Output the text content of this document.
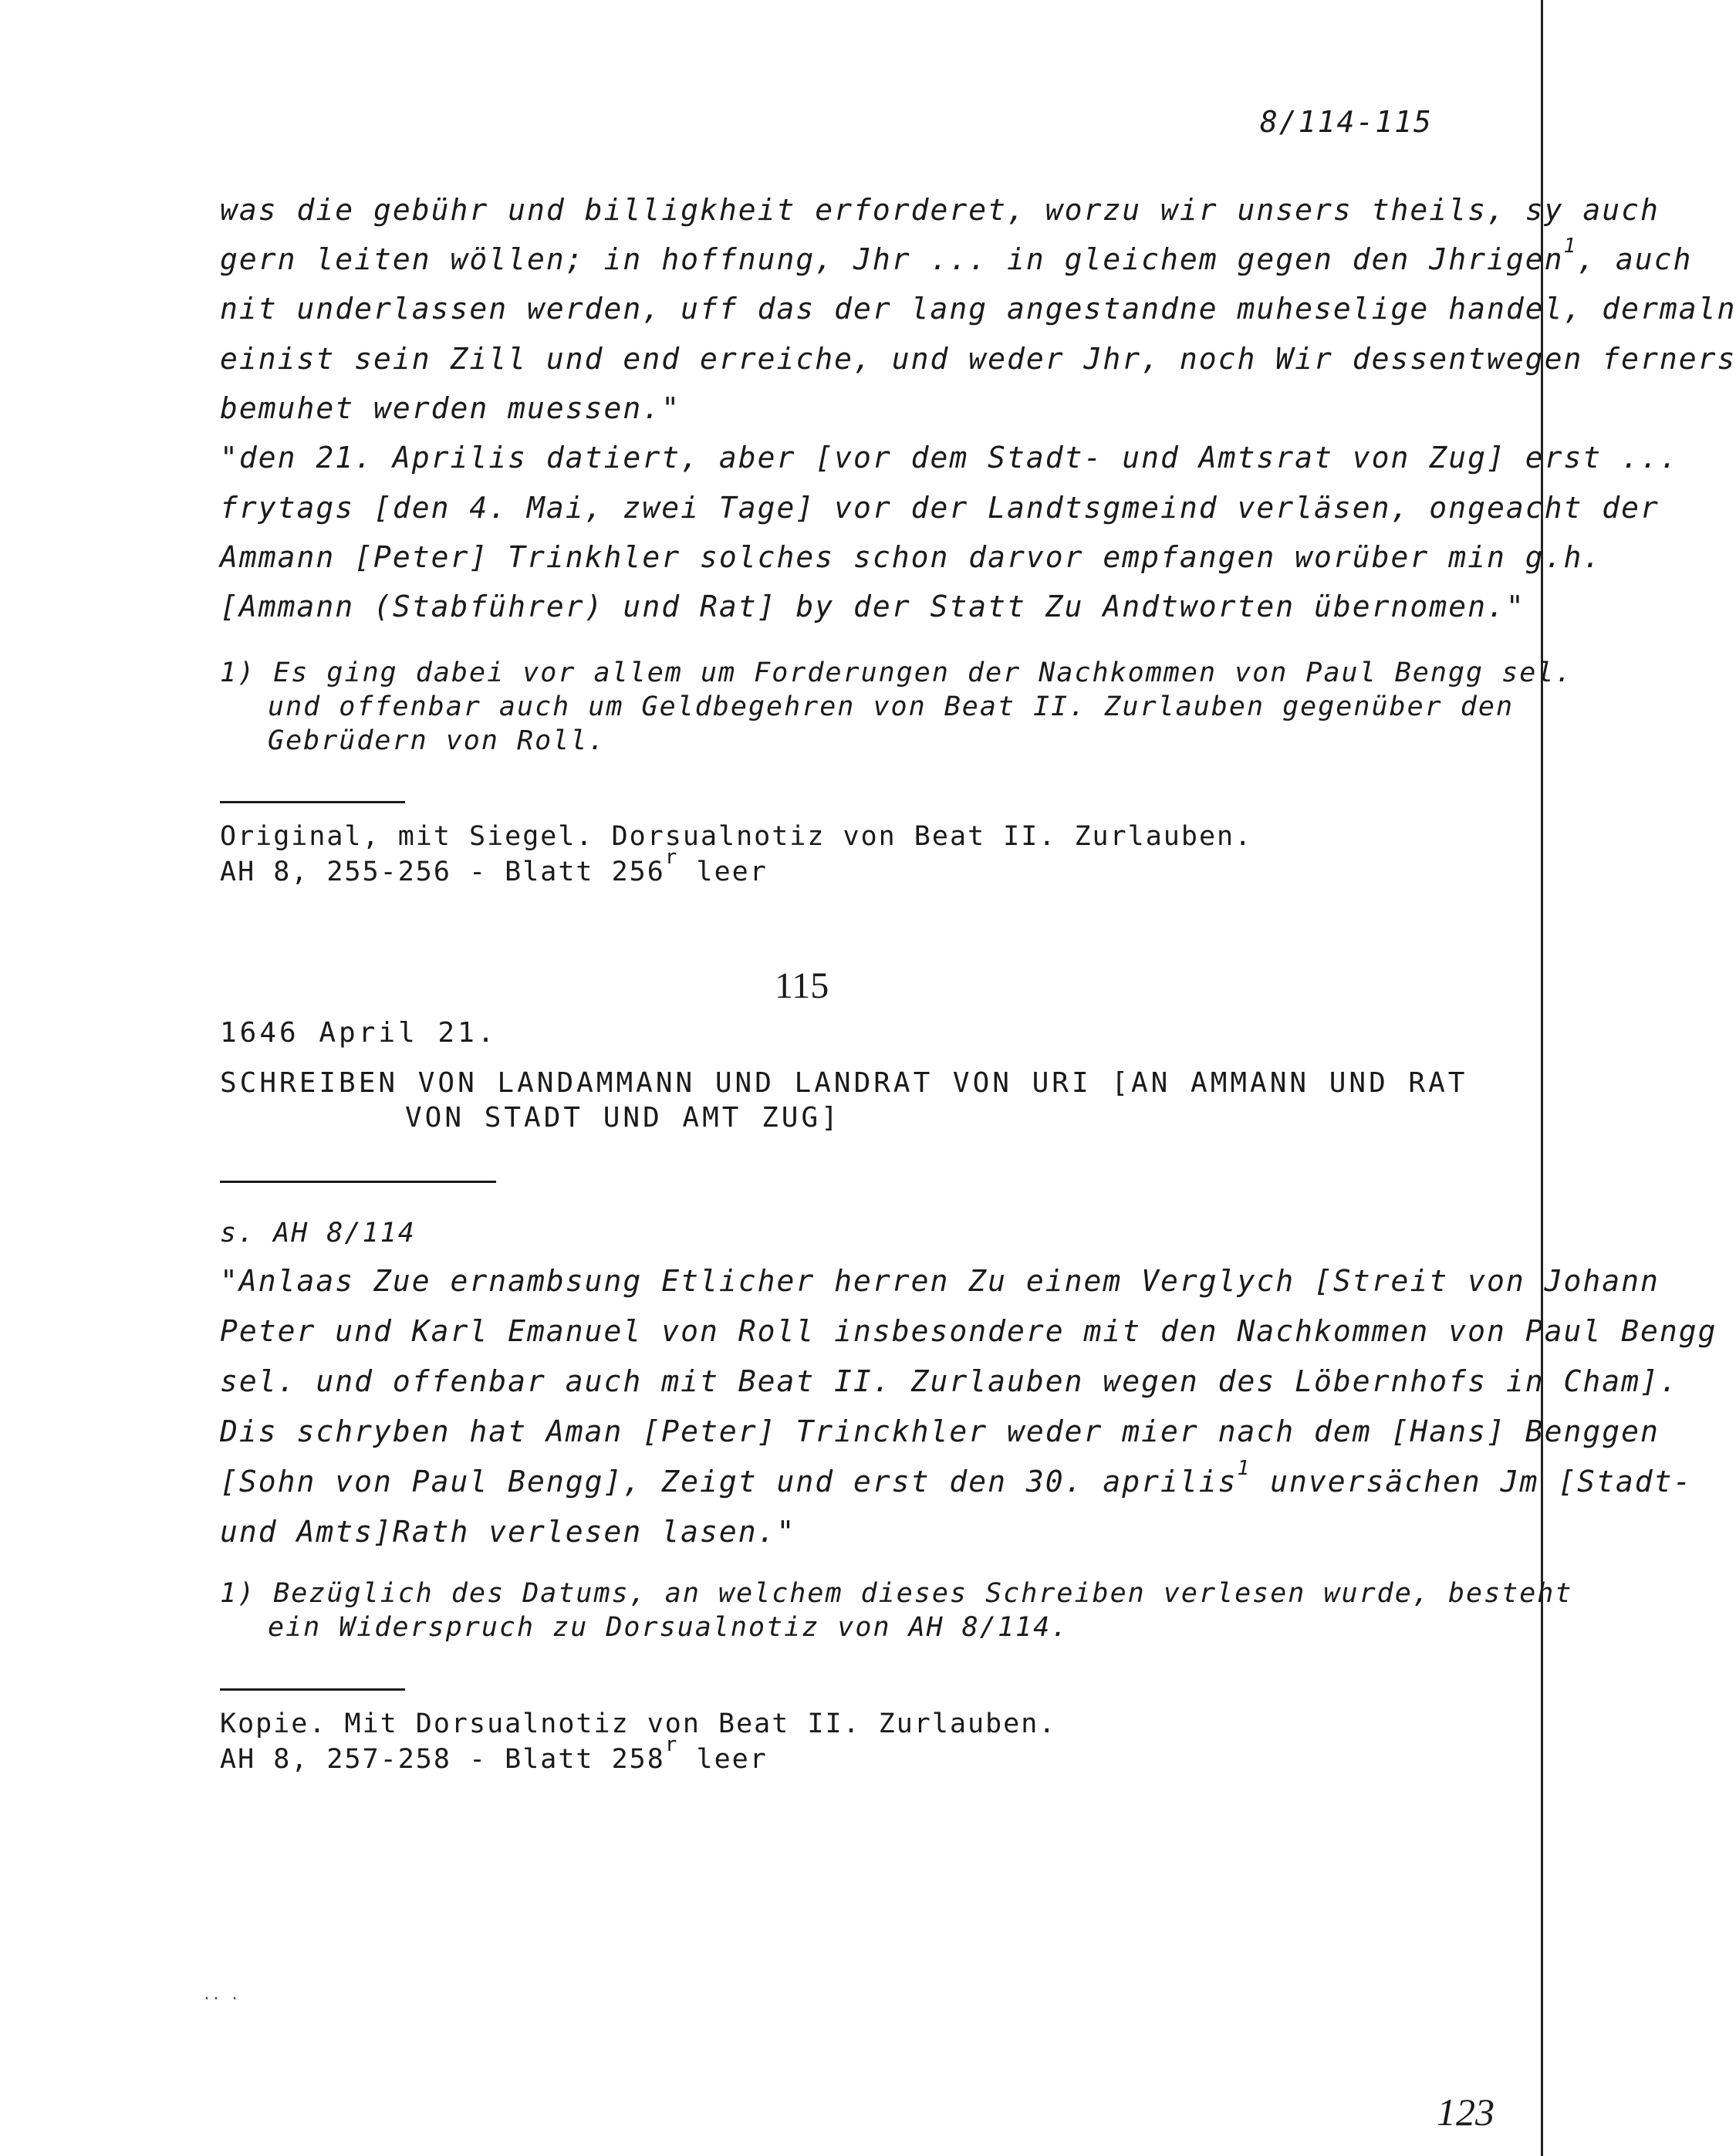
8/114-115
was die gebühr und billigkheit erforderet, worzu wir unsers theils, sy auch
gern leiten wöllen; in hoffnung, Jhr ... in gleichem gegen den Jhrigen$^1$, auch
nit underlassen werden, uff das der lang angestandne muheselige handel, dermaln
einist sein Zill und end erreiche, und weder Jhr, noch Wir dessentwegen ferners
bemuhet werden muessen."
"den 21. Aprilis datiert, aber [vor dem Stadt- und Amtsrat von Zug] erst ...
frytags [den 4. Mai, zwei Tage] vor der Landtsgmeind verläsen, ongeacht der
Ammann [Peter] Trinkhler solches schon darvor empfangen worüber min g.h.
[Ammann (Stabführer) und Rat] by der Statt Zu Andtworten übernomen."
1) Es ging dabei vor allem um Forderungen der Nachkommen von Paul Bengg sel.
und offenbar auch um Geldbegehren von Beat II. Zurlauben gegenüber den
Gebrüdern von Roll.
Original, mit Siegel. Dorsualnotiz von Beat II. Zurlauben.
AH 8, 255-256 - Blatt 256$^r$ leer
115
1646 April 21.
SCHREIBEN VON LANDAMMANN UND LANDRAT VON URI [AN AMMANN UND RAT
VON STADT UND AMT ZUG]
s. AH 8/114
"Anlaas Zue ernambsung Etlicher herren Zu einem Verglych [Streit von Johann
Peter und Karl Emanuel von Roll insbesondere mit den Nachkommen von Paul Bengg
sel. und offenbar auch mit Beat II. Zurlauben wegen des Löbernhofs in Cham].
Dis schryben hat Aman [Peter] Trinckhler weder mier nach dem [Hans] Benggen
[Sohn von Paul Bengg], Zeigt und erst den 30. aprilis$^1$ unversächen Jm [Stadt-
und Amts]Rath verlesen lasen."
1) Bezüglich des Datums, an welchem dieses Schreiben verlesen wurde, besteht
ein Widerspruch zu Dorsualnotiz von AH 8/114.
Kopie. Mit Dorsualnotiz von Beat II. Zurlauben.
AH 8, 257-258 - Blatt 258$^r$ leer
.. .
123
